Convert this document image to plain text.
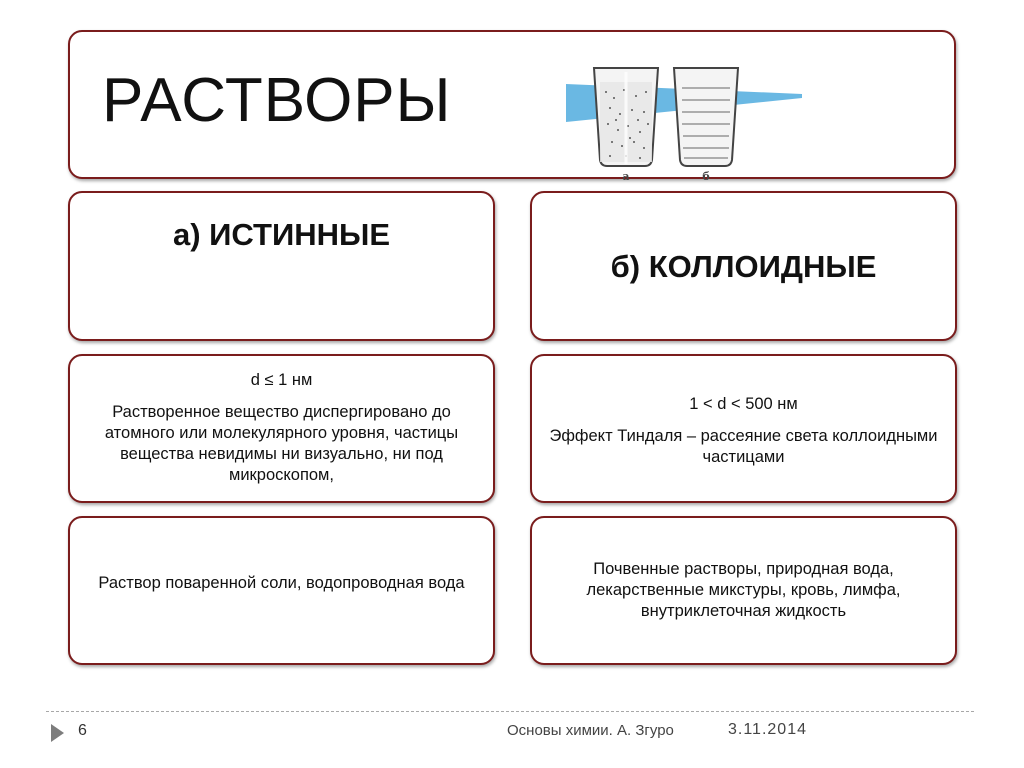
РАСТВОРЫ
а	б
а) ИСТИННЫЕ
б) КОЛЛОИДНЫЕ
d ≤ 1 нм
Растворенное вещество диспергировано до атомного или молекулярного уровня, частицы вещества невидимы ни визуально, ни под микроскопом,
1 < d < 500 нм
Эффект Тиндаля – рассеяние света коллоидными частицами
Раствор поваренной соли, водопроводная вода
Почвенные растворы, природная вода, лекарственные микстуры, кровь, лимфа, внутриклеточная жидкость
6	Основы химии. А. Згуро	3.11.2014
